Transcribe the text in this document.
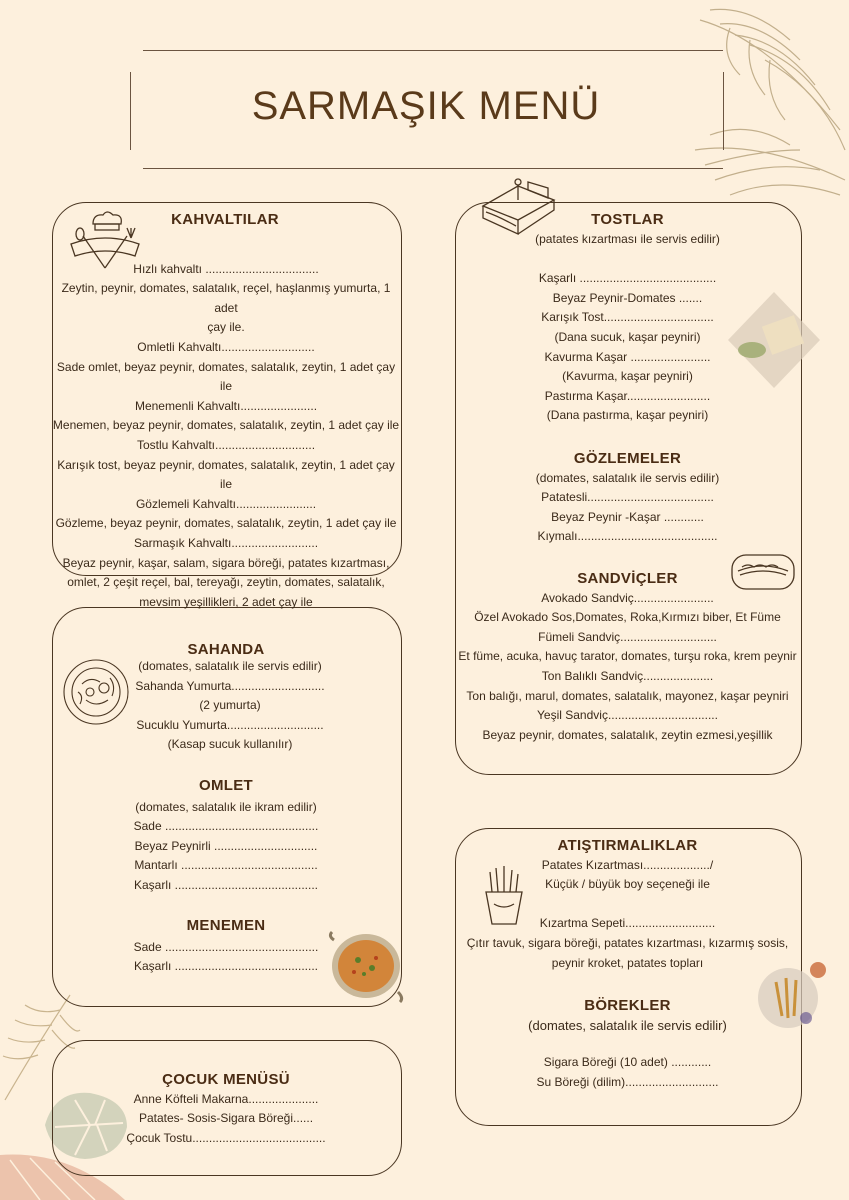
SARMAŞIK MENÜ

KAHVALTILAR

Hızlı kahvaltı ..................................

Zeytin, peynir, domates, salatalık, reçel, haşlanmış yumurta, 1 adet

çay ile.

Omletli Kahvaltı............................

Sade omlet, beyaz peynir, domates, salatalık, zeytin, 1 adet çay ile

Menemenli Kahvaltı.......................

Menemen, beyaz peynir, domates, salatalık, zeytin, 1 adet çay ile

Tostlu Kahvaltı..............................

Karışık tost, beyaz peynir, domates, salatalık, zeytin, 1 adet çay ile

Gözlemeli Kahvaltı........................

Gözleme, beyaz peynir, domates, salatalık, zeytin, 1 adet çay ile

Sarmaşık Kahvaltı..........................

Beyaz peynir, kaşar, salam, sigara böreği, patates kızartması,

omlet, 2 çeşit reçel, bal, tereyağı, zeytin, domates, salatalık,

mevsim yeşillikleri, 2 adet çay ile

SAHANDA

(domates, salatalık ile servis edilir)

Sahanda Yumurta............................

(2 yumurta)

Sucuklu Yumurta.............................

(Kasap sucuk kullanılır)

OMLET

(domates, salatalık ile ikram edilir)

Sade ..............................................

Beyaz Peynirli ...............................

Mantarlı .........................................

Kaşarlı ...........................................

MENEMEN

Sade ..............................................

Kaşarlı ...........................................

ÇOCUK MENÜSÜ

Anne Köfteli Makarna.....................

Patates- Sosis-Sigara Böreği......

Çocuk Tostu........................................

TOSTLAR

(patates kızartması ile servis edilir)

Kaşarlı .........................................

Beyaz Peynir-Domates .......

Karışık Tost.................................

(Dana sucuk, kaşar peyniri)

Kavurma Kaşar ........................

(Kavurma, kaşar peyniri)

Pastırma Kaşar.........................

(Dana pastırma, kaşar peyniri)

GÖZLEMELER

(domates, salatalık ile servis edilir)

Patatesli......................................

Beyaz Peynir -Kaşar ............

Kıymalı..........................................

SANDVİÇLER

Avokado Sandviç........................

Özel Avokado Sos,Domates, Roka,Kırmızı biber, Et Füme

Fümeli Sandviç.............................

Et füme, acuka, havuç tarator, domates, turşu roka, krem peynir

Ton Balıklı Sandviç.....................

Ton balığı, marul, domates, salatalık, mayonez, kaşar peyniri

Yeşil Sandviç.................................

Beyaz peynir, domates, salatalık, zeytin ezmesi,yeşillik

ATIŞTIRMALIKLAR

Patates Kızartması..................../

Küçük / büyük boy seçeneği ile

Kızartma Sepeti...........................

Çıtır tavuk, sigara böreği, patates kızartması, kızarmış sosis,

peynir kroket, patates topları

BÖREKLER

(domates, salatalık ile servis edilir)

Sigara Böreği (10 adet) ............

Su Böreği (dilim)............................
